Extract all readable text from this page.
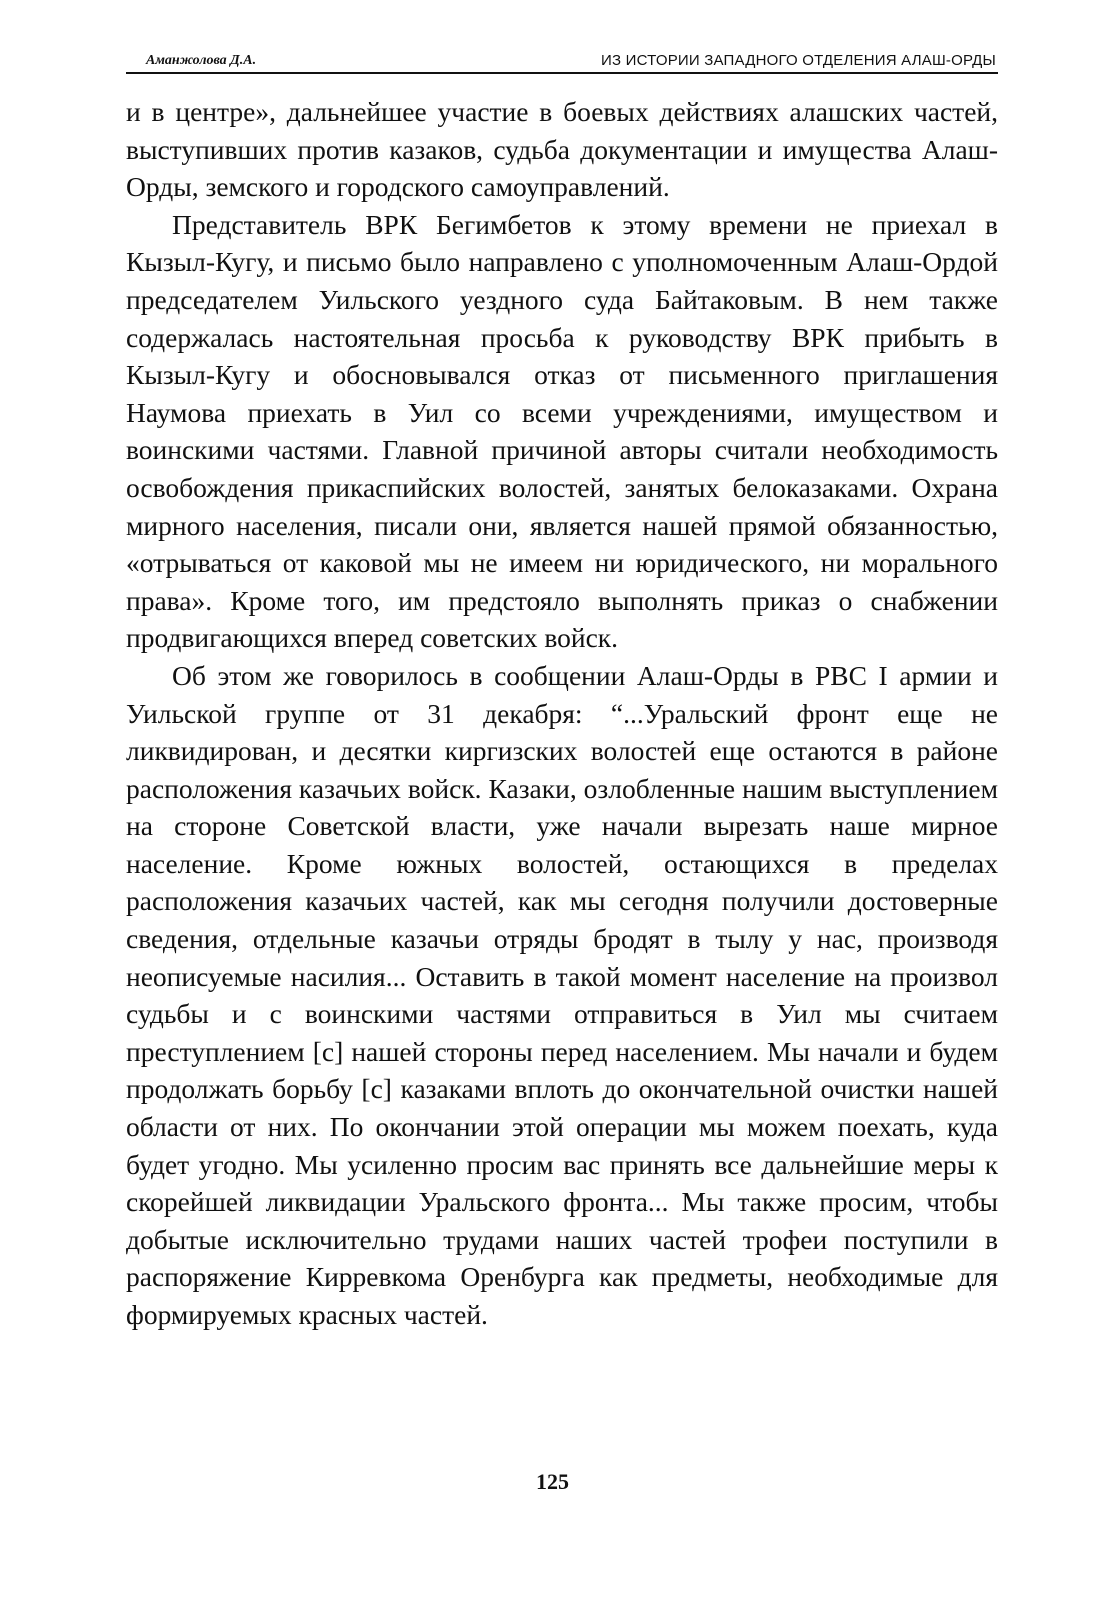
Аманжолова Д.А.	ИЗ ИСТОРИИ ЗАПАДНОГО ОТДЕЛЕНИЯ АЛАШ-ОРДЫ

и в центре», дальнейшее участие в боевых действиях алашских частей, выступивших против казаков, судьба документации и имущества Алаш-Орды, земского и городского самоуправлений.

Представитель ВРК Бегимбетов к этому времени не приехал в Кызыл-Кугу, и письмо было направлено с уполномоченным Алаш-Ордой председателем Уильского уездного суда Байтаковым. В нем также содержалась настоятельная просьба к руководству ВРК прибыть в Кызыл-Кугу и обосновывался отказ от письменного приглашения Наумова приехать в Уил со всеми учреждениями, имуществом и воинскими частями. Главной причиной авторы считали необходимость освобождения прикаспийских волостей, занятых белоказаками. Охрана мирного населения, писали они, является нашей прямой обязанностью, «отрываться от каковой мы не имеем ни юридического, ни морального права». Кроме того, им предстояло выполнять приказ о снабжении продвигающихся вперед советских войск.

Об этом же говорилось в сообщении Алаш-Орды в РВС I армии и Уильской группе от 31 декабря: “...Уральский фронт еще не ликвидирован, и десятки киргизских волостей еще остаются в районе расположения казачьих войск. Казаки, озлобленные нашим выступлением на стороне Советской власти, уже начали вырезать наше мирное население. Кроме южных волостей, остающихся в пределах расположения казачьих частей, как мы сегодня получили достоверные сведения, отдельные казачьи отряды бродят в тылу у нас, производя неописуемые насилия... Оставить в такой момент население на произвол судьбы и с воинскими частями отправиться в Уил мы считаем преступлением [с] нашей стороны перед населением. Мы начали и будем продолжать борьбу [с] казаками вплоть до окончательной очистки нашей области от них. По окончании этой операции мы можем поехать, куда будет угодно. Мы усиленно просим вас принять все дальнейшие меры к скорейшей ликвидации Уральского фронта... Мы также просим, чтобы добытые исключительно трудами наших частей трофеи поступили в распоряжение Кирревкома Оренбурга как предметы, необходимые для формируемых красных частей.

125
